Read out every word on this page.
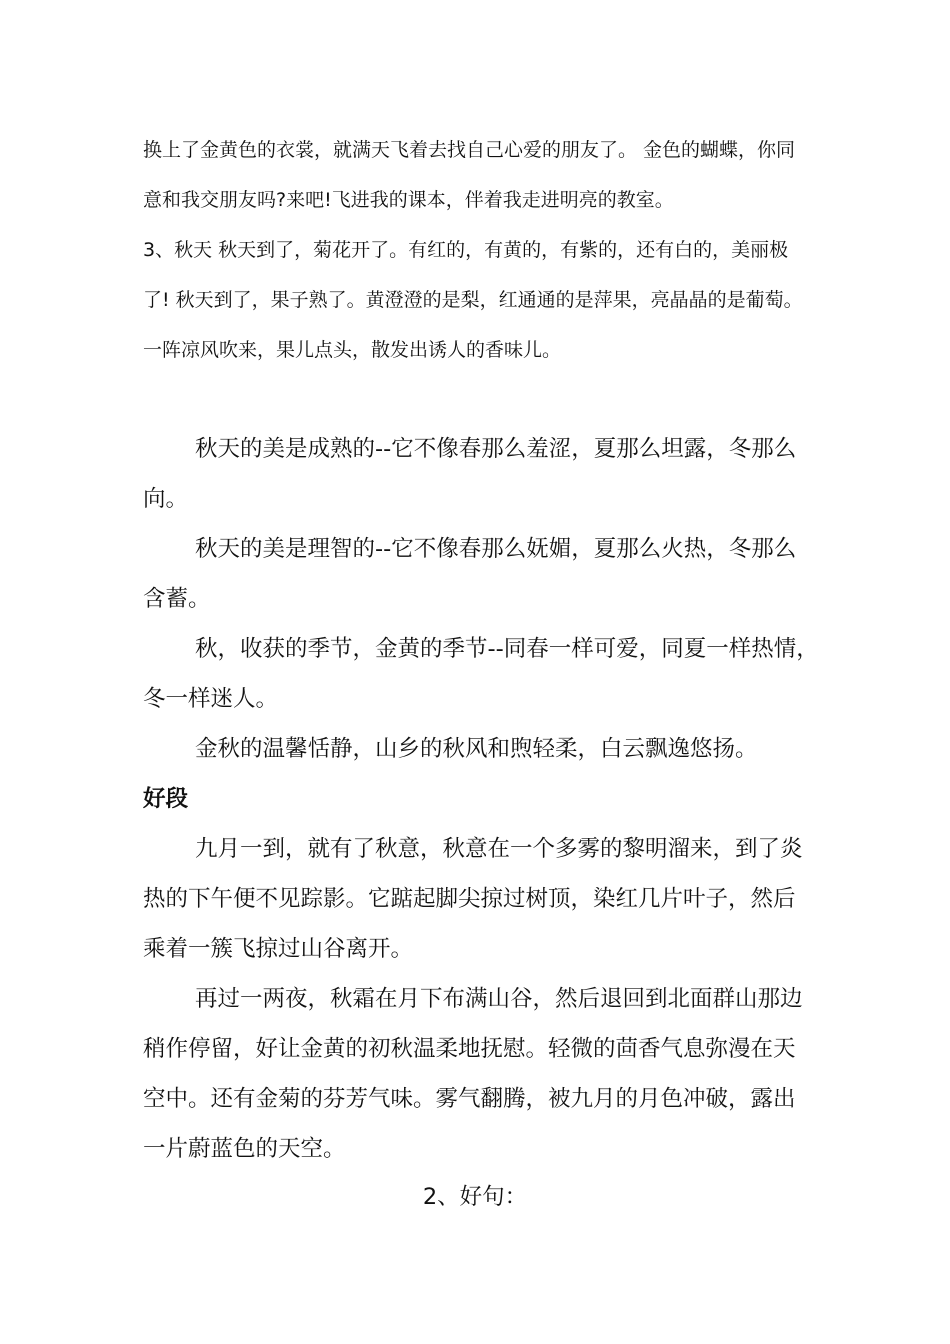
换上了金黄色的衣裳，就满天飞着去找自己心爱的朋友了。 金色的蝴蝶，你同

意和我交朋友吗?来吧!飞进我的课本，伴着我走进明亮的教室。

3、秋天 秋天到了，菊花开了。有红的，有黄的，有紫的，还有白的，美丽极

了! 秋天到了，果子熟了。黄澄澄的是梨，红通通的是萍果，亮晶晶的是葡萄。

一阵凉风吹来，果儿点头，散发出诱人的香味儿。

秋天的美是成熟的--它不像春那么羞涩，夏那么坦露，冬那么

向。

秋天的美是理智的--它不像春那么妩媚，夏那么火热，冬那么

含蓄。

秋，收获的季节，金黄的季节--同春一样可爱，同夏一样热情，

冬一样迷人。

金秋的温馨恬静，山乡的秋风和煦轻柔，白云飘逸悠扬。

好段

九月一到，就有了秋意，秋意在一个多雾的黎明溜来，到了炎

热的下午便不见踪影。它踮起脚尖掠过树顶，染红几片叶子，然后

乘着一簇飞掠过山谷离开。

再过一两夜，秋霜在月下布满山谷，然后退回到北面群山那边

稍作停留，好让金黄的初秋温柔地抚慰。轻微的茴香气息弥漫在天

空中。还有金菊的芬芳气味。雾气翻腾，被九月的月色冲破，露出

一片蔚蓝色的天空。

2、好句：
